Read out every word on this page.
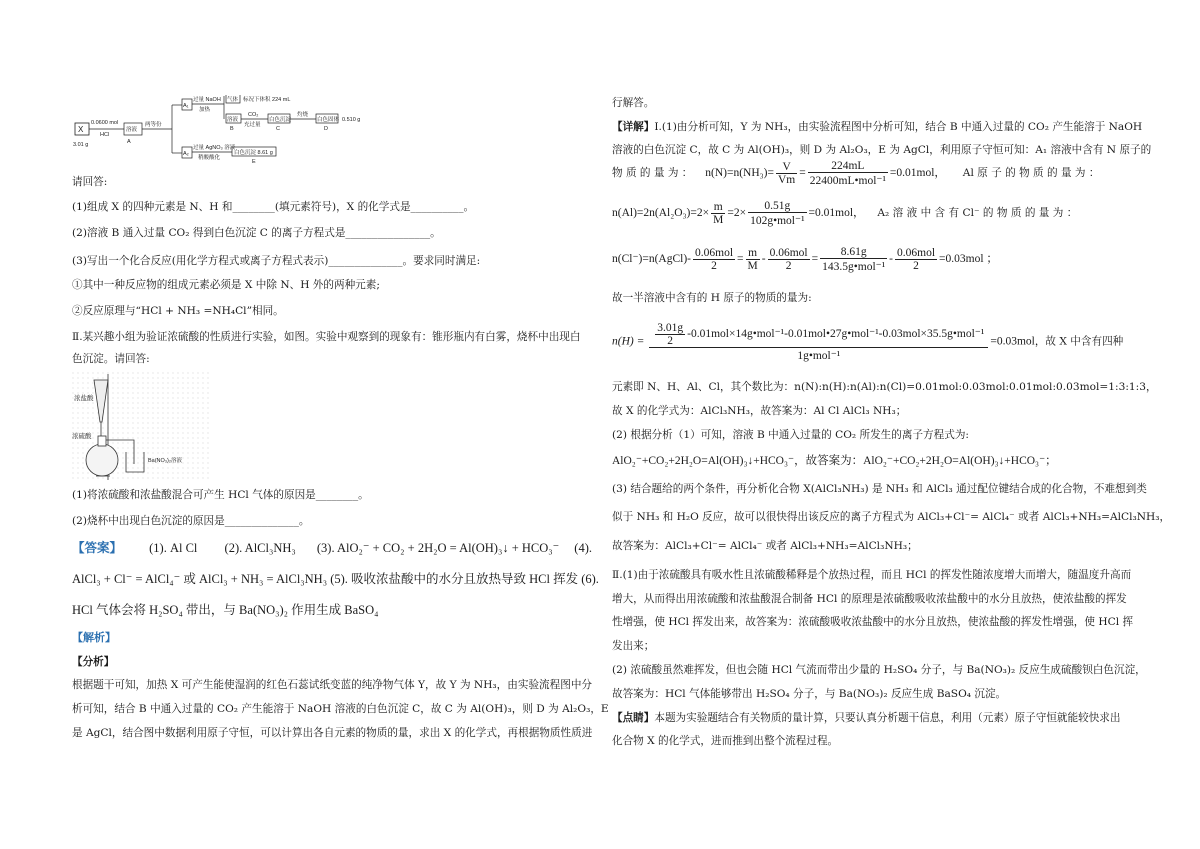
X
3.01 g
0.0600 mol
HCl
溶液
两等份
A
A₁
A₂
过量 NaOH
加热
气体 标况下体积 224 mL
溶液
B
CO₂
充过量
白色沉淀
C
灼烧
白色固体 0.510 g
D
过量 AgNO₃ 溶液
稍酸酸化
白色沉淀 8.61 g
E
请回答:
(1)组成 X 的四种元素是 N、H 和________(填元素符号)，X 的化学式是__________。
(2)溶液 B 通入过量 CO₂ 得到白色沉淀 C 的离子方程式是________________。
(3)写出一个化合反应(用化学方程式或离子方程式表示)______________。要求同时满足:
①其中一种反应物的组成元素必须是 X 中除 N、H 外的两种元素;
②反应原理与“HCl + NH₃ =NH₄Cl”相同。
Ⅱ.某兴趣小组为验证浓硫酸的性质进行实验，如图。实验中观察到的现象有：锥形瓶内有白雾，烧杯中出现白
色沉淀。请回答:
浓盐酸
浓硫酸
Ba(NO₃)₂溶液
(1)将浓硫酸和浓盐酸混合可产生 HCl 气体的原因是________。
(2)烧杯中出现白色沉淀的原因是______________。
【答案】 (1). Al Cl (2). AlCl₃NH₃ (3). AlO₂⁻ + CO₂ + 2H₂O = Al(OH)₃↓ + HCO₃⁻ (4).
AlCl₃ + Cl⁻ = AlCl₄⁻ 或 AlCl₃ + NH₃ = AlCl₃NH₃ (5). 吸收浓盐酸中的水分且放热导致 HCl 挥发 (6).
HCl 气体会将 H₂SO₄ 带出，与 Ba(NO₃)₂ 作用生成 BaSO₄
【解析】
【分析】
根据题干可知，加热 X 可产生能使湿润的红色石蕊试纸变蓝的纯净物气体 Y，故 Y 为 NH₃，由实验流程图中分
析可知，结合 B 中通入过量的 CO₂ 产生能溶于 NaOH 溶液的白色沉淀 C，故 C 为 Al(OH)₃，则 D 为 Al₂O₃，E
是 AgCl，结合图中数据利用原子守恒，可以计算出各自元素的物质的量，求出 X 的化学式，再根据物质性质进
行解答。
【详解】Ⅰ.(1)由分析可知，Y 为 NH₃，由实验流程图中分析可知，结合 B 中通入过量的 CO₂ 产生能溶于 NaOH
溶液的白色沉淀 C，故 C 为 Al(OH)₃，则 D 为 Al₂O₃，E 为 AgCl，利用原子守恒可知：A₁ 溶液中含有 N 原子的
物 质 的 量 为 ： $n(N)=n(NH_3)= \frac{V}{Vm} = \frac{224mL}{\text{22400mL•mol⁻¹}} =0.01mol$， Al 原 子 的 物 质 的 量 为 ：
$n(Al)=2n(Al_2O_3)=2\times \frac{m}{M} =2\times \frac{0.51g}{\text{102g•mol⁻¹}} =0.01mol$， A₂ 溶 液 中 含 有 Cl⁻ 的 物 质 的 量 为 ：
n(Cl⁻)=n(AgCl)- $\frac{\text{0.06mol}}{2} = \frac{m}{M} - \frac{\text{0.06mol}}{2} = \frac{8.61g}{\text{143.5g•mol⁻¹}} - \frac{\text{0.06mol}}{2} =0.03mol$ ；
故一半溶液中含有的 H 原子的物质的量为:
$n(H) = \frac{3.01g}{2}$ -0.01mol×14g•mol⁻¹-0.01mol•27g•mol⁻¹-0.03mol×35.5g•mol⁻¹
1g•mol⁻¹
=0.03mol，故 X 中含有四种
元素即 N、H、Al、Cl，其个数比为：n(N):n(H):n(Al):n(Cl)=0.01mol:0.03mol:0.01mol:0.03mol=1:3:1:3，
故 X 的化学式为：AlCl₃NH₃，故答案为：Al Cl AlCl₃ NH₃；
(2) 根据分析（1）可知，溶液 B 中通入过量的 CO₂ 所发生的离子方程式为:
AlO₂⁻+CO₂+2H₂O=Al(OH)₃↓+HCO₃⁻，故答案为：AlO₂⁻+CO₂+2H₂O=Al(OH)₃↓+HCO₃⁻；
(3) 结合题给的两个条件，再分析化合物 X(AlCl₃NH₃) 是 NH₃ 和 AlCl₃ 通过配位键结合成的化合物，不难想到类
似于 NH₃ 和 H₂O 反应，故可以很快得出该反应的离子方程式为 AlCl₃+Cl⁻= AlCl₄⁻ 或者 AlCl₃+NH₃=AlCl₃NH₃，
故答案为：AlCl₃+Cl⁻= AlCl₄⁻ 或者 AlCl₃+NH₃=AlCl₃NH₃；
Ⅱ.(1)由于浓硫酸具有吸水性且浓硫酸稀释是个放热过程，而且 HCl 的挥发性随浓度增大而增大，随温度升高而
增大，从而得出用浓硫酸和浓盐酸混合制备 HCl 的原理是浓硫酸吸收浓盐酸中的水分且放热，使浓盐酸的挥发
性增强，使 HCl 挥发出来，故答案为：浓硫酸吸收浓盐酸中的水分且放热，使浓盐酸的挥发性增强，使 HCl 挥
发出来；
(2) 浓硫酸虽然难挥发，但也会随 HCl 气流而带出少量的 H₂SO₄ 分子，与 Ba(NO₃)₂ 反应生成硫酸钡白色沉淀，
故答案为：HCl 气体能够带出 H₂SO₄ 分子，与 Ba(NO₃)₂ 反应生成 BaSO₄ 沉淀。
【点睛】本题为实验题结合有关物质的量计算，只要认真分析题干信息，利用（元素）原子守恒就能较快求出
化合物 X 的化学式，进而推到出整个流程过程。
